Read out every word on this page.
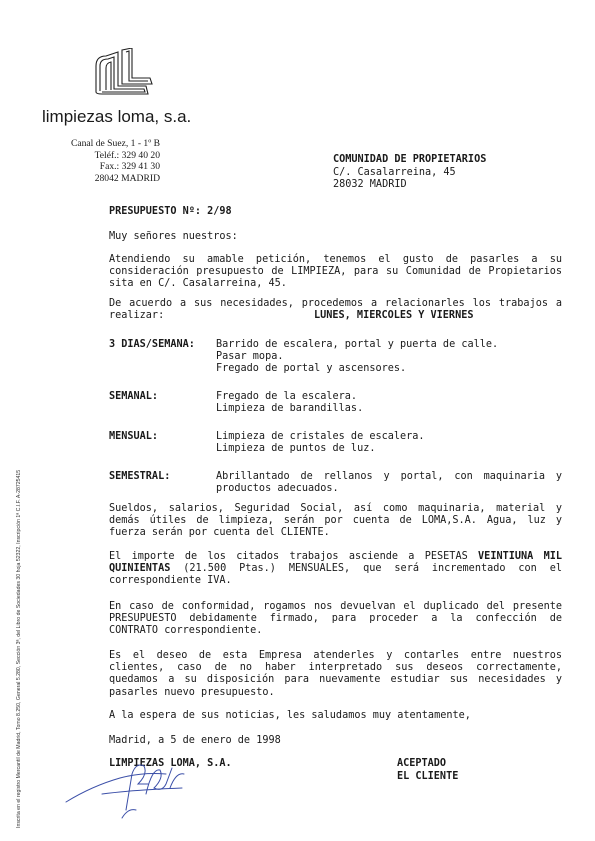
limpiezas loma, s.a.
Canal de Suez, 1 - 1º B
Teléf.: 329 40 20
Fax.: 329 41 30
28042 MADRID
COMUNIDAD DE PROPIETARIOS
C/. Casalarreina, 45
28032 MADRID
PRESUPUESTO Nº: 2/98
Muy señores nuestros:
Atendiendo su amable petición, tenemos el gusto de pasarles a su consideración presupuesto de LIMPIEZA, para su Comunidad de Propietarios sita en C/. Casalarreina, 45.
De acuerdo a sus necesidades, procedemos a relacionarles los trabajos a realizar:	LUNES, MIERCOLES Y VIERNES
3 DIAS/SEMANA: Barrido de escalera, portal y puerta de calle.
Pasar mopa.
Fregado de portal y ascensores.
SEMANAL:	Fregado de la escalera.
Limpieza de barandillas.
MENSUAL:	Limpieza de cristales de escalera.
Limpieza de puntos de luz.
SEMESTRAL:	Abrillantado de rellanos y portal, con maquinaria y productos adecuados.
Sueldos, salarios, Seguridad Social, así como maquinaria, material y demás útiles de limpieza, serán por cuenta de LOMA,S.A. Agua, luz y fuerza serán por cuenta del CLIENTE.
El importe de los citados trabajos asciende a PESETAS VEINTIUNA MIL QUINIENTAS (21.500 Ptas.) MENSUALES, que será incrementado con el correspondiente IVA.
En caso de conformidad, rogamos nos devuelvan el duplicado del presente PRESUPUESTO debidamente firmado, para proceder a la confección de CONTRATO correspondiente.
Es el deseo de esta Empresa atenderles y contarles entre nuestros clientes, caso de no haber interpretado sus deseos correctamente, quedamos a su disposición para nuevamente estudiar sus necesidades y pasarles nuevo presupuesto.
A la espera de sus noticias, les saludamos muy atentamente,
Madrid, a 5 de enero de 1998
LIMPIEZAS LOMA, S.A.	ACEPTADO
EL CLIENTE
Inscrita en el registro Mercantil de Madrid, Tomo 8.250, General 5.280, Sección 3ª, del Libro de Sociedades 30 hoja 52322, Inscripción 1ª C.I.F. A-28725415
